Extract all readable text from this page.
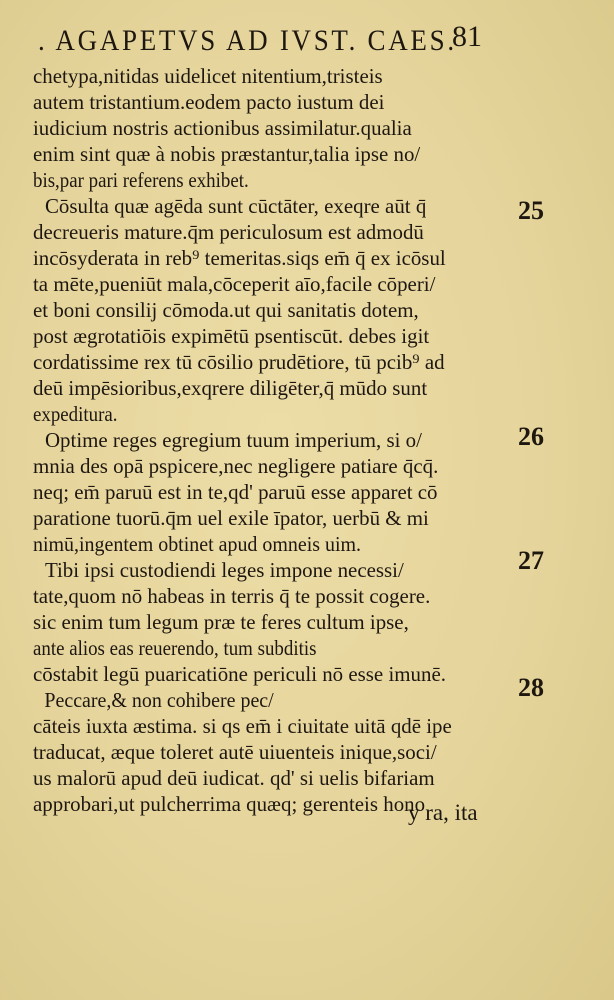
. AGAPETVS AD IVST. CAES.
81
chetypa,nitidas uidelicet nitentium,tristeis
autem tristantium.eodem pacto iustum dei
iudicium nostris actionibus assimilatur.qualia
enim sint quæ à nobis præstantur,talia ipse no/
bis,par pari referens exhibet.
Cōsulta quæ agēda sunt cūctāter, exeqre aūt q̄
decreueris mature.q̄m periculosum est admodū
incōsyderata in reb⁹ temeritas.siqs em̄ q̄ ex icōsul
ta mēte,pueniūt mala,cōceperit aīo,facile cōperi/
et boni consilij cōmoda.ut qui sanitatis dotem,
post ægrotatiōis expimētū psentiscūt. debes igit
cordatissime rex tū cōsilio prudētiore, tū pcib⁹ ad
deū impēsioribus,exqrere diligēter,q̄ mūdo sunt
expeditura.
Optime reges egregium tuum imperium, si o/
mnia des opā pspicere,nec negligere patiare q̄cq̄.
neq; em̄ paruū est in te,qd' paruū esse apparet cō
paratione tuorū.q̄m uel exile īpator, uerbū & mi
nimū,ingentem obtinet apud omneis uim.
Tibi ipsi custodiendi leges impone necessi/
tate,quom nō habeas in terris q̄ te possit cogere.
sic enim tum legum præ te feres cultum ipse,
ante alios eas reuerendo, tum subditis
cōstabit legū puaricatiōne periculi nō esse imunē.
Peccare,& non cohibere pec/
cāteis iuxta æstima. si qs em̄ i ciuitate uitā qdē ipe
traducat, æque toleret autē uiuenteis inique,soci/
us malorū apud deū iudicat. qd' si uelis bifariam
approbari,ut pulcherrima quæq; gerenteis hono
y ra, ita
25
26
27
28
